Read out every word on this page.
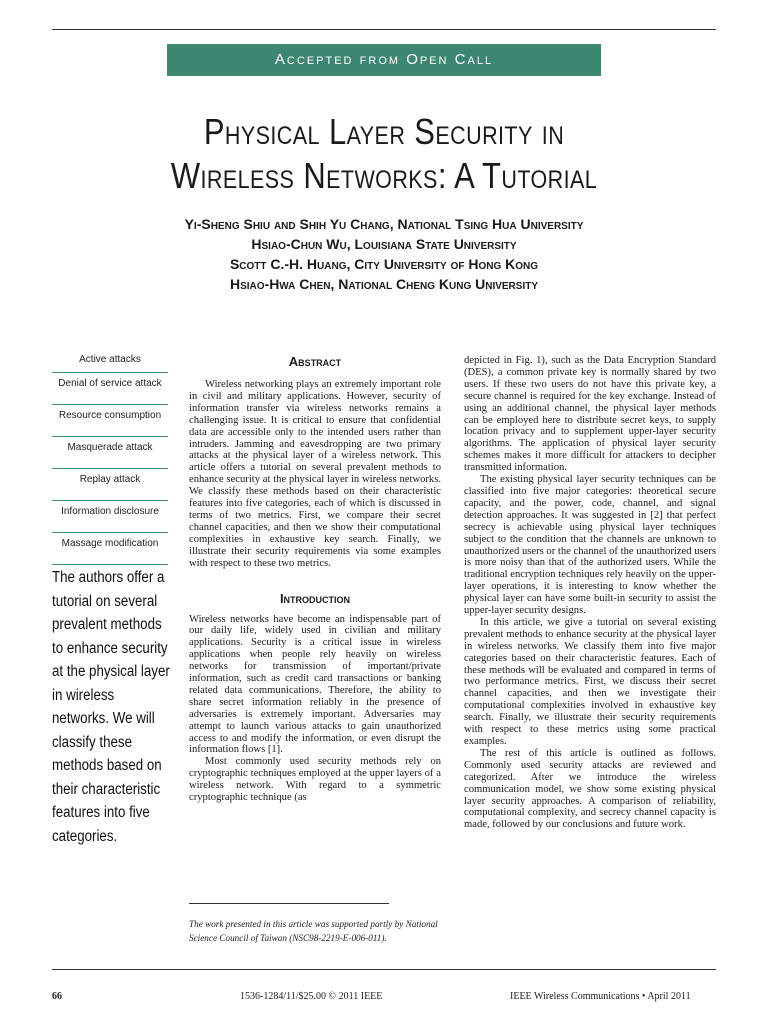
Accepted from Open Call
Physical Layer Security in
Wireless Networks: A Tutorial
Yi-Sheng Shiu and Shih Yu Chang, National Tsing Hua University
Hsiao-Chun Wu, Louisiana State University
Scott C.-H. Huang, City University of Hong Kong
Hsiao-Hwa Chen, National Cheng Kung University
Active attacks
Denial of service attack
Resource consumption
Masquerade attack
Replay attack
Information disclosure
Massage modification
The authors offer a tutorial on several prevalent methods to enhance security at the physical layer in wireless networks. We will classify these methods based on their characteristic features into five categories.
Abstract

Wireless networking plays an extremely important role in civil and military applications. However, security of information transfer via wireless networks remains a challenging issue. It is critical to ensure that confidential data are accessible only to the intended users rather than intruders. Jamming and eavesdropping are two primary attacks at the physical layer of a wireless network. This article offers a tutorial on several prevalent methods to enhance security at the physical layer in wireless networks. We classify these methods based on their characteristic features into five categories, each of which is discussed in terms of two metrics. First, we compare their secret channel capacities, and then we show their computational complexities in exhaustive key search. Finally, we illustrate their security requirements via some examples with respect to these two metrics.

Introduction

Wireless networks have become an indispensable part of our daily life, widely used in civilian and military applications. Security is a critical issue in wireless applications when people rely heavily on wireless networks for transmission of important/private information, such as credit card transactions or banking related data communications. Therefore, the ability to share secret information reliably in the presence of adversaries is extremely important. Adversaries may attempt to launch various attacks to gain unauthorized access to and modify the information, or even disrupt the information flows [1].

Most commonly used security methods rely on cryptographic techniques employed at the upper layers of a wireless network. With regard to a symmetric cryptographic technique (as

The work presented in this article was supported partly by National Science Council of Taiwan (NSC98-2219-E-006-011).

depicted in Fig. 1), such as the Data Encryption Standard (DES), a common private key is normally shared by two users. If these two users do not have this private key, a secure channel is required for the key exchange. Instead of using an additional channel, the physical layer methods can be employed here to distribute secret keys, to supply location privacy and to supplement upper-layer security algorithms. The application of physical layer security schemes makes it more difficult for attackers to decipher transmitted information.

The existing physical layer security techniques can be classified into five major categories: theoretical secure capacity, and the power, code, channel, and signal detection approaches. It was suggested in [2] that perfect secrecy is achievable using physical layer techniques subject to the condition that the channels are unknown to unauthorized users or the channel of the unauthorized users is more noisy than that of the authorized users. While the traditional encryption techniques rely heavily on the upper-layer operations, it is interesting to know whether the physical layer can have some built-in security to assist the upper-layer security designs.

In this article, we give a tutorial on several existing prevalent methods to enhance security at the physical layer in wireless networks. We classify them into five major categories based on their characteristic features. Each of these methods will be evaluated and compared in terms of two performance metrics. First, we discuss their secret channel capacities, and then we investigate their computational complexities involved in exhaustive key search. Finally, we illustrate their security requirements with respect to these metrics using some practical examples.

The rest of this article is outlined as follows. Commonly used security attacks are reviewed and categorized. After we introduce the wireless communication model, we show some existing physical layer security approaches. A comparison of reliability, computational complexity, and secrecy channel capacity is made, followed by our conclusions and future work.

66	1536-1284/11/$25.00 © 2011 IEEE	IEEE Wireless Communications • April 2011
